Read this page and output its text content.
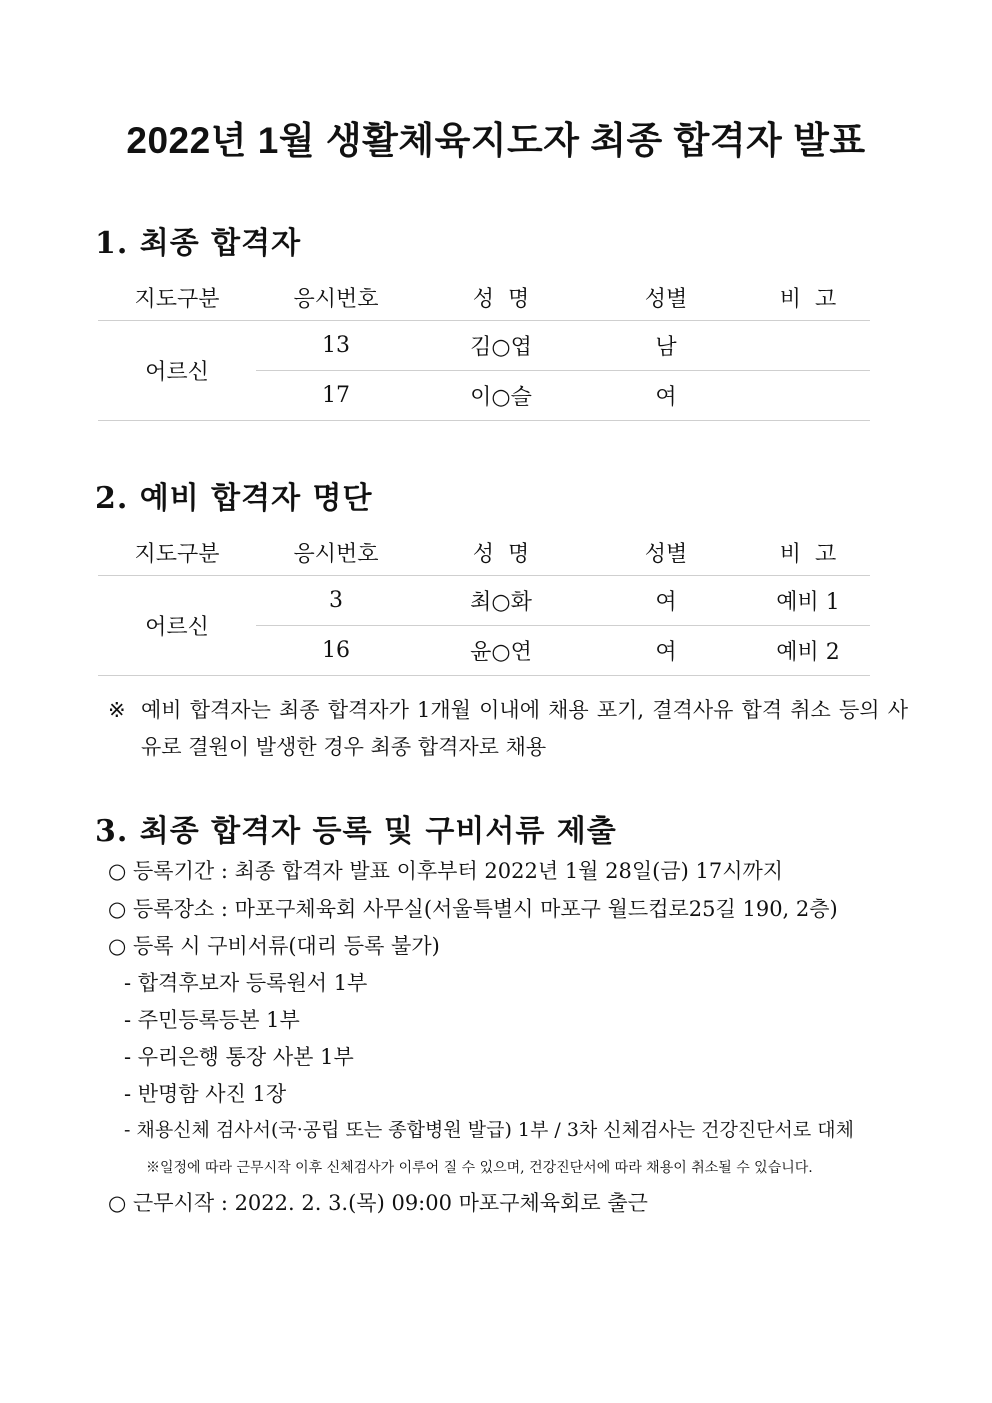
2022년 1월 생활체육지도자 최종 합격자 발표
1. 최종 합격자
지도구분	응시번호	성  명	성별	비  고
어르신	13	김○엽	남	
	17	이○슬	여	
2. 예비 합격자 명단
지도구분	응시번호	성  명	성별	비  고
어르신	3	최○화	여	예비 1
	16	윤○연	여	예비 2
※ 예비 합격자는 최종 합격자가 1개월 이내에 채용 포기, 결격사유 합격 취소 등의 사유로 결원이 발생한 경우 최종 합격자로 채용
3. 최종 합격자 등록 및 구비서류 제출
○ 등록기간 : 최종 합격자 발표 이후부터 2022년 1월 28일(금) 17시까지
○ 등록장소 : 마포구체육회 사무실(서울특별시 마포구 월드컵로25길 190, 2층)
○ 등록 시 구비서류(대리 등록 불가)
- 합격후보자 등록원서 1부
- 주민등록등본 1부
- 우리은행 통장 사본 1부
- 반명함 사진 1장
- 채용신체 검사서(국·공립 또는 종합병원 발급) 1부 / 3차 신체검사는 건강진단서로 대체
※일정에 따라 근무시작 이후 신체검사가 이루어 질 수 있으며, 건강진단서에 따라 채용이 취소될 수 있습니다.
○ 근무시작 : 2022. 2. 3.(목) 09:00 마포구체육회로 출근
